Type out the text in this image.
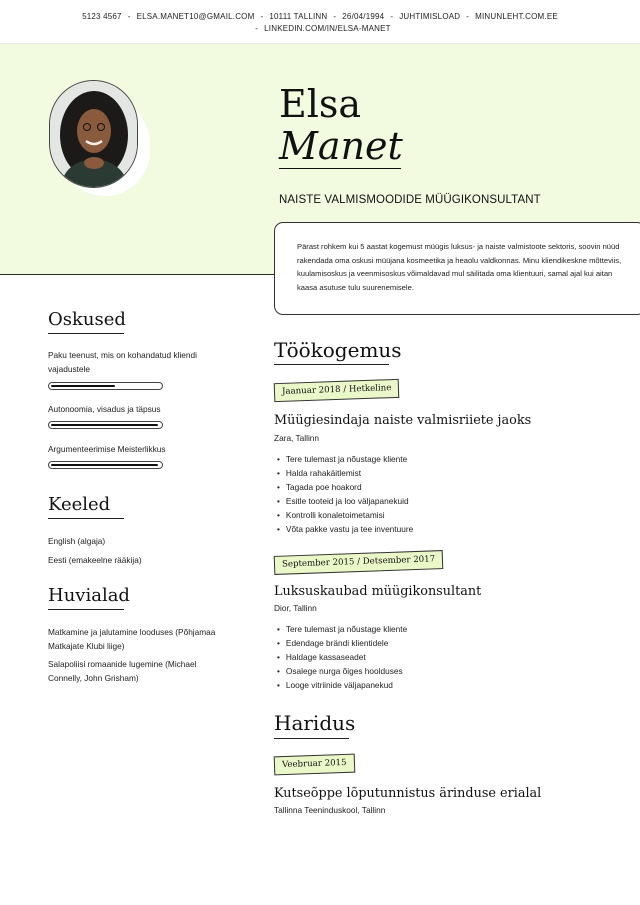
5123 4567 - ELSA.MANET10@GMAIL.COM - 10111 TALLINN - 26/04/1994 - JUHTIMISLOAD - MINUNLEHT.COM.EE
- LINKEDIN.COM/IN/ELSA-MANET
Elsa
Manet
NAISTE VALMISMOODIDE MÜÜGIKONSULTANT

Pärast rohkem kui 5 aastat kogemust müügis luksus- ja naiste valmistoote sektoris, soovin nüüd rakendada oma oskusi müüjana kosmeetika ja heaolu valdkonnas. Minu kliendikeskne mõtteviis, kuulamisoskus ja veenmisoskus võimaldavad mul säilitada oma klientuuri, samal ajal kui aitan kaasa asutuse tulu suurenemisele.

Oskused
Paku teenust, mis on kohandatud kliendi vajadustele
Autonoomia, visadus ja täpsus
Argumenteerimise Meisterlikkus
Keeled
English (algaja)
Eesti (emakeelne rääkija)
Huvialad
Matkamine ja jalutamine looduses (Põhjamaa Matkajate Klubi liige)
Salapoliisi romaanide lugemine (Michael Connelly, John Grisham)
Töökogemus
Jaanuar 2018 / Hetkeline
Müügiesindaja naiste valmisriiete jaoks
Zara, Tallinn
• Tere tulemast ja nõustage kliente
• Halda rahakäitlemist
• Tagada poe hoakord
• Esitle tooteid ja loo väljapanekuid
• Kontrolli konaletoimetamisi
• Võta pakke vastu ja tee inventuure
September 2015 / Detsember 2017
Luksuskaubad müügikonsultant
Dior, Tallinn
• Tere tulemast ja nõustage kliente
• Edendage brändi klientidele
• Haldage kassaseadet
• Osalege nurga õiges hoolduses
• Looge vitriinide väljapanekud
Haridus
Veebruar 2015
Kutseõppe lõputunnistus ärinduse erialal
Tallinna Teeninduskool, Tallinn
